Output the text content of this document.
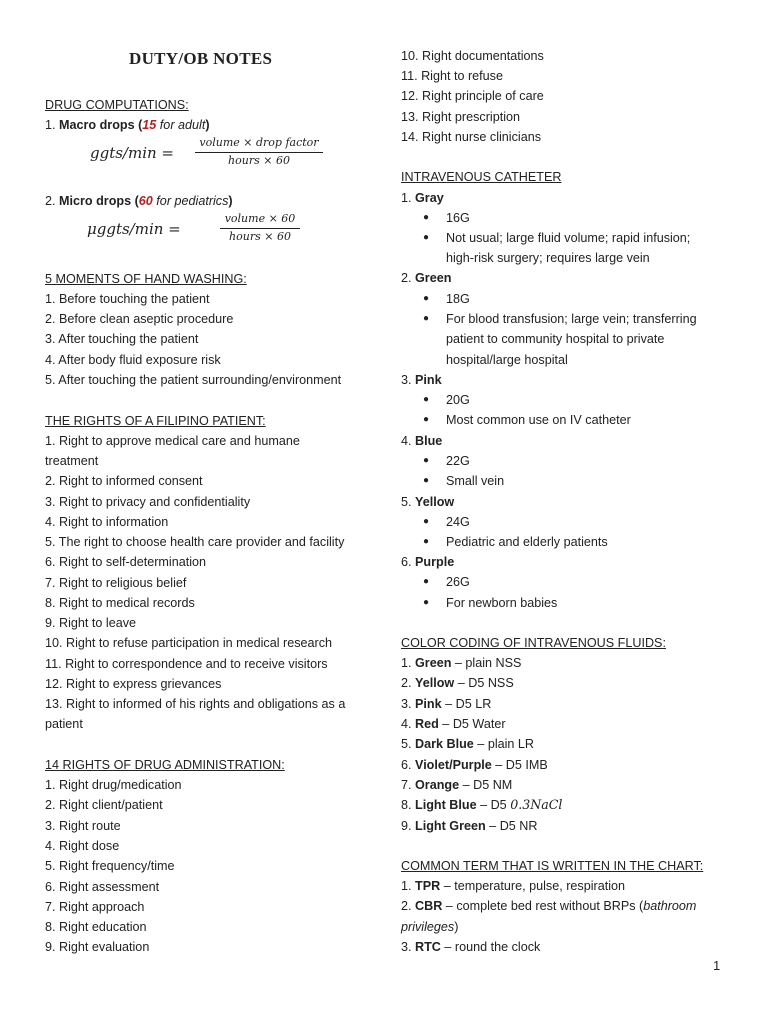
DUTY/OB NOTES
DRUG COMPUTATIONS:
1. Macro drops (15 for adult)
ggts/min =
volume × drop factor
hours × 60
2. Micro drops (60 for pediatrics)
μggts/min =
volume × 60
hours × 60
5 MOMENTS OF HAND WASHING:
1. Before touching the patient
2. Before clean aseptic procedure
3. After touching the patient
4. After body fluid exposure risk
5. After touching the patient surrounding/environment
THE RIGHTS OF A FILIPINO PATIENT:
1. Right to approve medical care and humane
treatment
2. Right to informed consent
3. Right to privacy and confidentiality
4. Right to information
5. The right to choose health care provider and facility
6. Right to self-determination
7. Right to religious belief
8. Right to medical records
9. Right to leave
10. Right to refuse participation in medical research
11. Right to correspondence and to receive visitors
12. Right to express grievances
13. Right to informed of his rights and obligations as a
patient
14 RIGHTS OF DRUG ADMINISTRATION:
1. Right drug/medication
2. Right client/patient
3. Right route
4. Right dose
5. Right frequency/time
6. Right assessment
7. Right approach
8. Right education
9. Right evaluation
10. Right documentations
11. Right to refuse
12. Right principle of care
13. Right prescription
14. Right nurse clinicians
INTRAVENOUS CATHETER
1. Gray
● 16G
● Not usual; large fluid volume; rapid infusion;
high-risk surgery; requires large vein
2. Green
● 18G
● For blood transfusion; large vein; transferring
patient to community hospital to private
hospital/large hospital
3. Pink
● 20G
● Most common use on IV catheter
4. Blue
● 22G
● Small vein
5. Yellow
● 24G
● Pediatric and elderly patients
6. Purple
● 26G
● For newborn babies
COLOR CODING OF INTRAVENOUS FLUIDS:
1. Green – plain NSS
2. Yellow – D5 NSS
3. Pink – D5 LR
4. Red – D5 Water
5. Dark Blue – plain LR
6. Violet/Purple – D5 IMB
7. Orange – D5 NM
8. Light Blue – D5 0.3NaCl
9. Light Green – D5 NR
COMMON TERM THAT IS WRITTEN IN THE CHART:
1. TPR – temperature, pulse, respiration
2. CBR – complete bed rest without BRPs (bathroom
privileges)
3. RTC – round the clock
1
